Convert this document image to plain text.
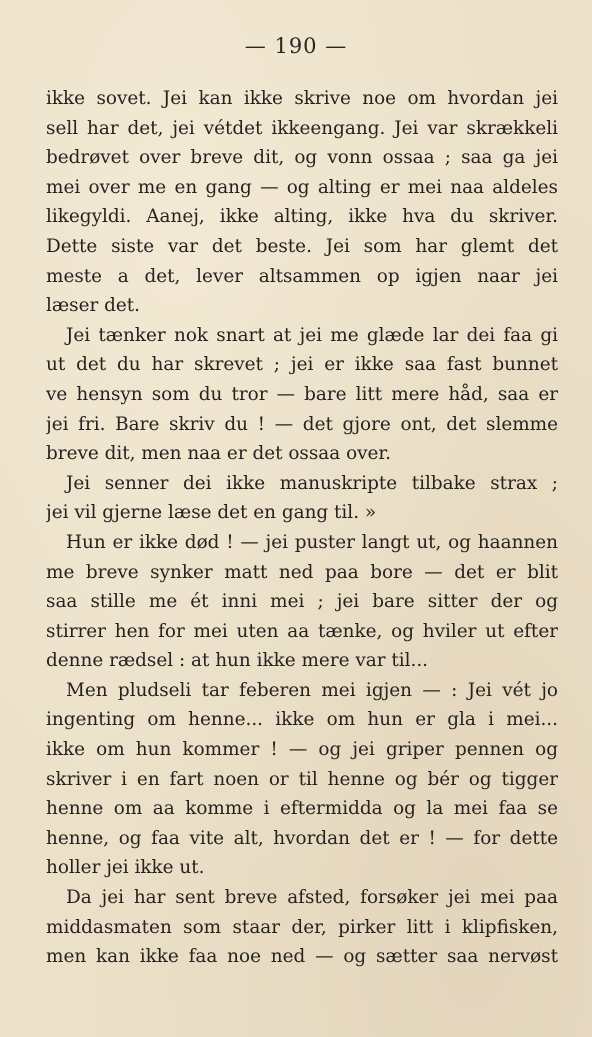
— 190 —
ikke sovet. Jei kan ikke skrive noe om hvordan jei
sell har det, jei vétdet ikkeengang. Jei var skrækkeli
bedrøvet over breve dit, og vonn ossaa ; saa ga jei
mei over me en gang — og alting er mei naa aldeles
likegyldi. Aanej, ikke alting, ikke hva du skriver.
Dette siste var det beste. Jei som har glemt det
meste a det, lever altsammen op igjen naar jei
læser det.
Jei tænker nok snart at jei me glæde lar dei faa gi
ut det du har skrevet ; jei er ikke saa fast bunnet
ve hensyn som du tror — bare litt mere håd, saa er
jei fri. Bare skriv du ! — det gjore ont, det slemme
breve dit, men naa er det ossaa over.
Jei senner dei ikke manuskripte tilbake strax ;
jei vil gjerne læse det en gang til. »
Hun er ikke død ! — jei puster langt ut, og haannen
me breve synker matt ned paa bore — det er blit
saa stille me ét inni mei ; jei bare sitter der og
stirrer hen for mei uten aa tænke, og hviler ut efter
denne rædsel : at hun ikke mere var til...
Men pludseli tar feberen mei igjen — : Jei vét jo
ingenting om henne... ikke om hun er gla i mei...
ikke om hun kommer ! — og jei griper pennen og
skriver i en fart noen or til henne og bér og tigger
henne om aa komme i eftermidda og la mei faa se
henne, og faa vite alt, hvordan det er ! — for dette
holler jei ikke ut.
Da jei har sent breve afsted, forsøker jei mei paa
middasmaten som staar der, pirker litt i klipfisken,
men kan ikke faa noe ned — og sætter saa nervøst
